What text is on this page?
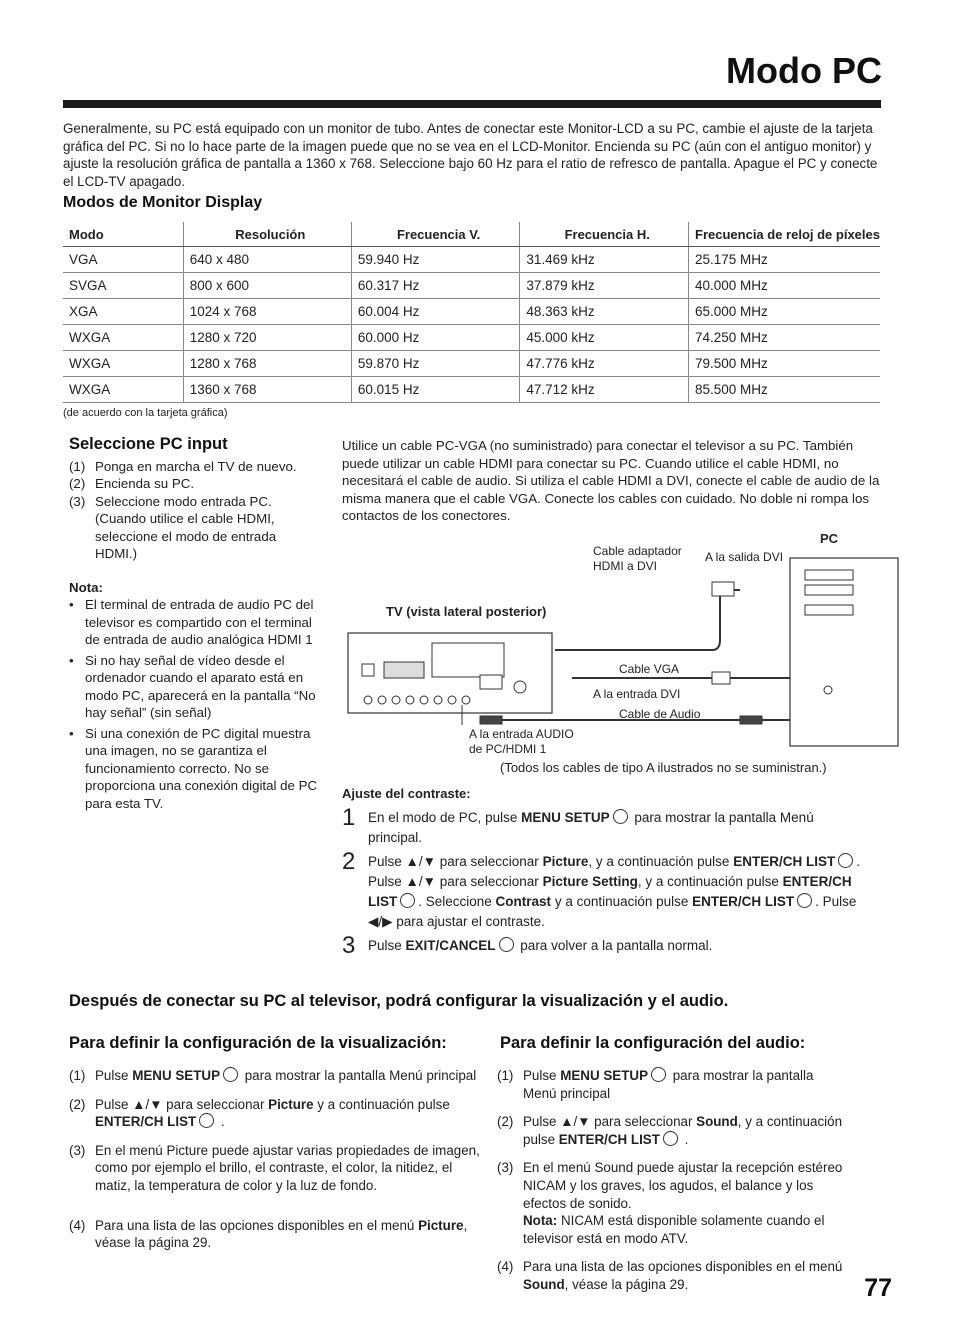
Modo PC
Generalmente, su PC está equipado con un monitor de tubo. Antes de conectar este Monitor-LCD a su PC, cambie el ajuste de la tarjeta gráfica del PC. Si no lo hace parte de la imagen puede que no se vea en el LCD-Monitor. Encienda su PC (aún con el antiguo monitor) y ajuste la resolución gráfica de pantalla a 1360 x 768. Seleccione bajo 60 Hz para el ratio de refresco de pantalla. Apague el PC y conecte el LCD-TV apagado.
Modos de Monitor Display
Modo	Resolución	Frecuencia V.	Frecuencia H.	Frecuencia de reloj de píxeles
VGA	640 x 480	59.940 Hz	31.469 kHz	25.175 MHz
SVGA	800 x 600	60.317 Hz	37.879 kHz	40.000 MHz
XGA	1024 x 768	60.004 Hz	48.363 kHz	65.000 MHz
WXGA	1280 x 720	60.000 Hz	45.000 kHz	74.250 MHz
WXGA	1280 x 768	59.870 Hz	47.776 kHz	79.500 MHz
WXGA	1360 x 768	60.015 Hz	47.712 kHz	85.500 MHz
(de acuerdo con la tarjeta gráfica)
Seleccione PC input
(1) Ponga en marcha el TV de nuevo.
(2) Encienda su PC.
(3) Seleccione modo entrada PC. (Cuando utilice el cable HDMI, seleccione el modo de entrada HDMI.)
Nota:
• El terminal de entrada de audio PC del televisor es compartido con el terminal de entrada de audio analógica HDMI 1
• Si no hay señal de vídeo desde el ordenador cuando el aparato está en modo PC, aparecerá en la pantalla “No hay señal” (sin señal)
• Si una conexión de PC digital muestra una imagen, no se garantiza el funcionamiento correcto. No se proporciona una conexión digital de PC para esta TV.
Utilice un cable PC-VGA (no suministrado) para conectar el televisor a su PC. También puede utilizar un cable HDMI para conectar su PC. Cuando utilice el cable HDMI, no necesitará el cable de audio. Si utiliza el cable HDMI a DVI, conecte el cable de audio de la misma manera que el cable VGA. Conecte los cables con cuidado. No doble ni rompa los contactos de los conectores.
PC
TV (vista lateral posterior)
Cable adaptador HDMI a DVI
A la salida DVI
Cable VGA
A la entrada DVI
Cable de Audio
A la entrada AUDIO de PC/HDMI 1
(Todos los cables de tipo A ilustrados no se suministran.)
Ajuste del contraste:
1 En el modo de PC, pulse MENU SETUP para mostrar la pantalla Menú principal.
2 Pulse ▲/▼ para seleccionar Picture, y a continuación pulse ENTER/CH LIST . Pulse ▲/▼ para seleccionar Picture Setting, y a continuación pulse ENTER/CH LIST . Seleccione Contrast y a continuación pulse ENTER/CH LIST . Pulse ◀/▶ para ajustar el contraste.
3 Pulse EXIT/CANCEL para volver a la pantalla normal.
Después de conectar su PC al televisor, podrá configurar la visualización y el audio.
Para definir la configuración de la visualización:	Para definir la configuración del audio:
(1) Pulse MENU SETUP para mostrar la pantalla Menú principal
(2) Pulse ▲/▼ para seleccionar Picture y a continuación pulse ENTER/CH LIST .
(3) En el menú Picture puede ajustar varias propiedades de imagen, como por ejemplo el brillo, el contraste, el color, la nitidez, el matiz, la temperatura de color y la luz de fondo.
(4) Para una lista de las opciones disponibles en el menú Picture, véase la página 29.
(1) Pulse MENU SETUP para mostrar la pantalla Menú principal
(2) Pulse ▲/▼ para seleccionar Sound, y a continuación pulse ENTER/CH LIST .
(3) En el menú Sound puede ajustar la recepción estéreo NICAM y los graves, los agudos, el balance y los efectos de sonido.
Nota: NICAM está disponible solamente cuando el televisor está en modo ATV.
(4) Para una lista de las opciones disponibles en el menú Sound, véase la página 29.	77
